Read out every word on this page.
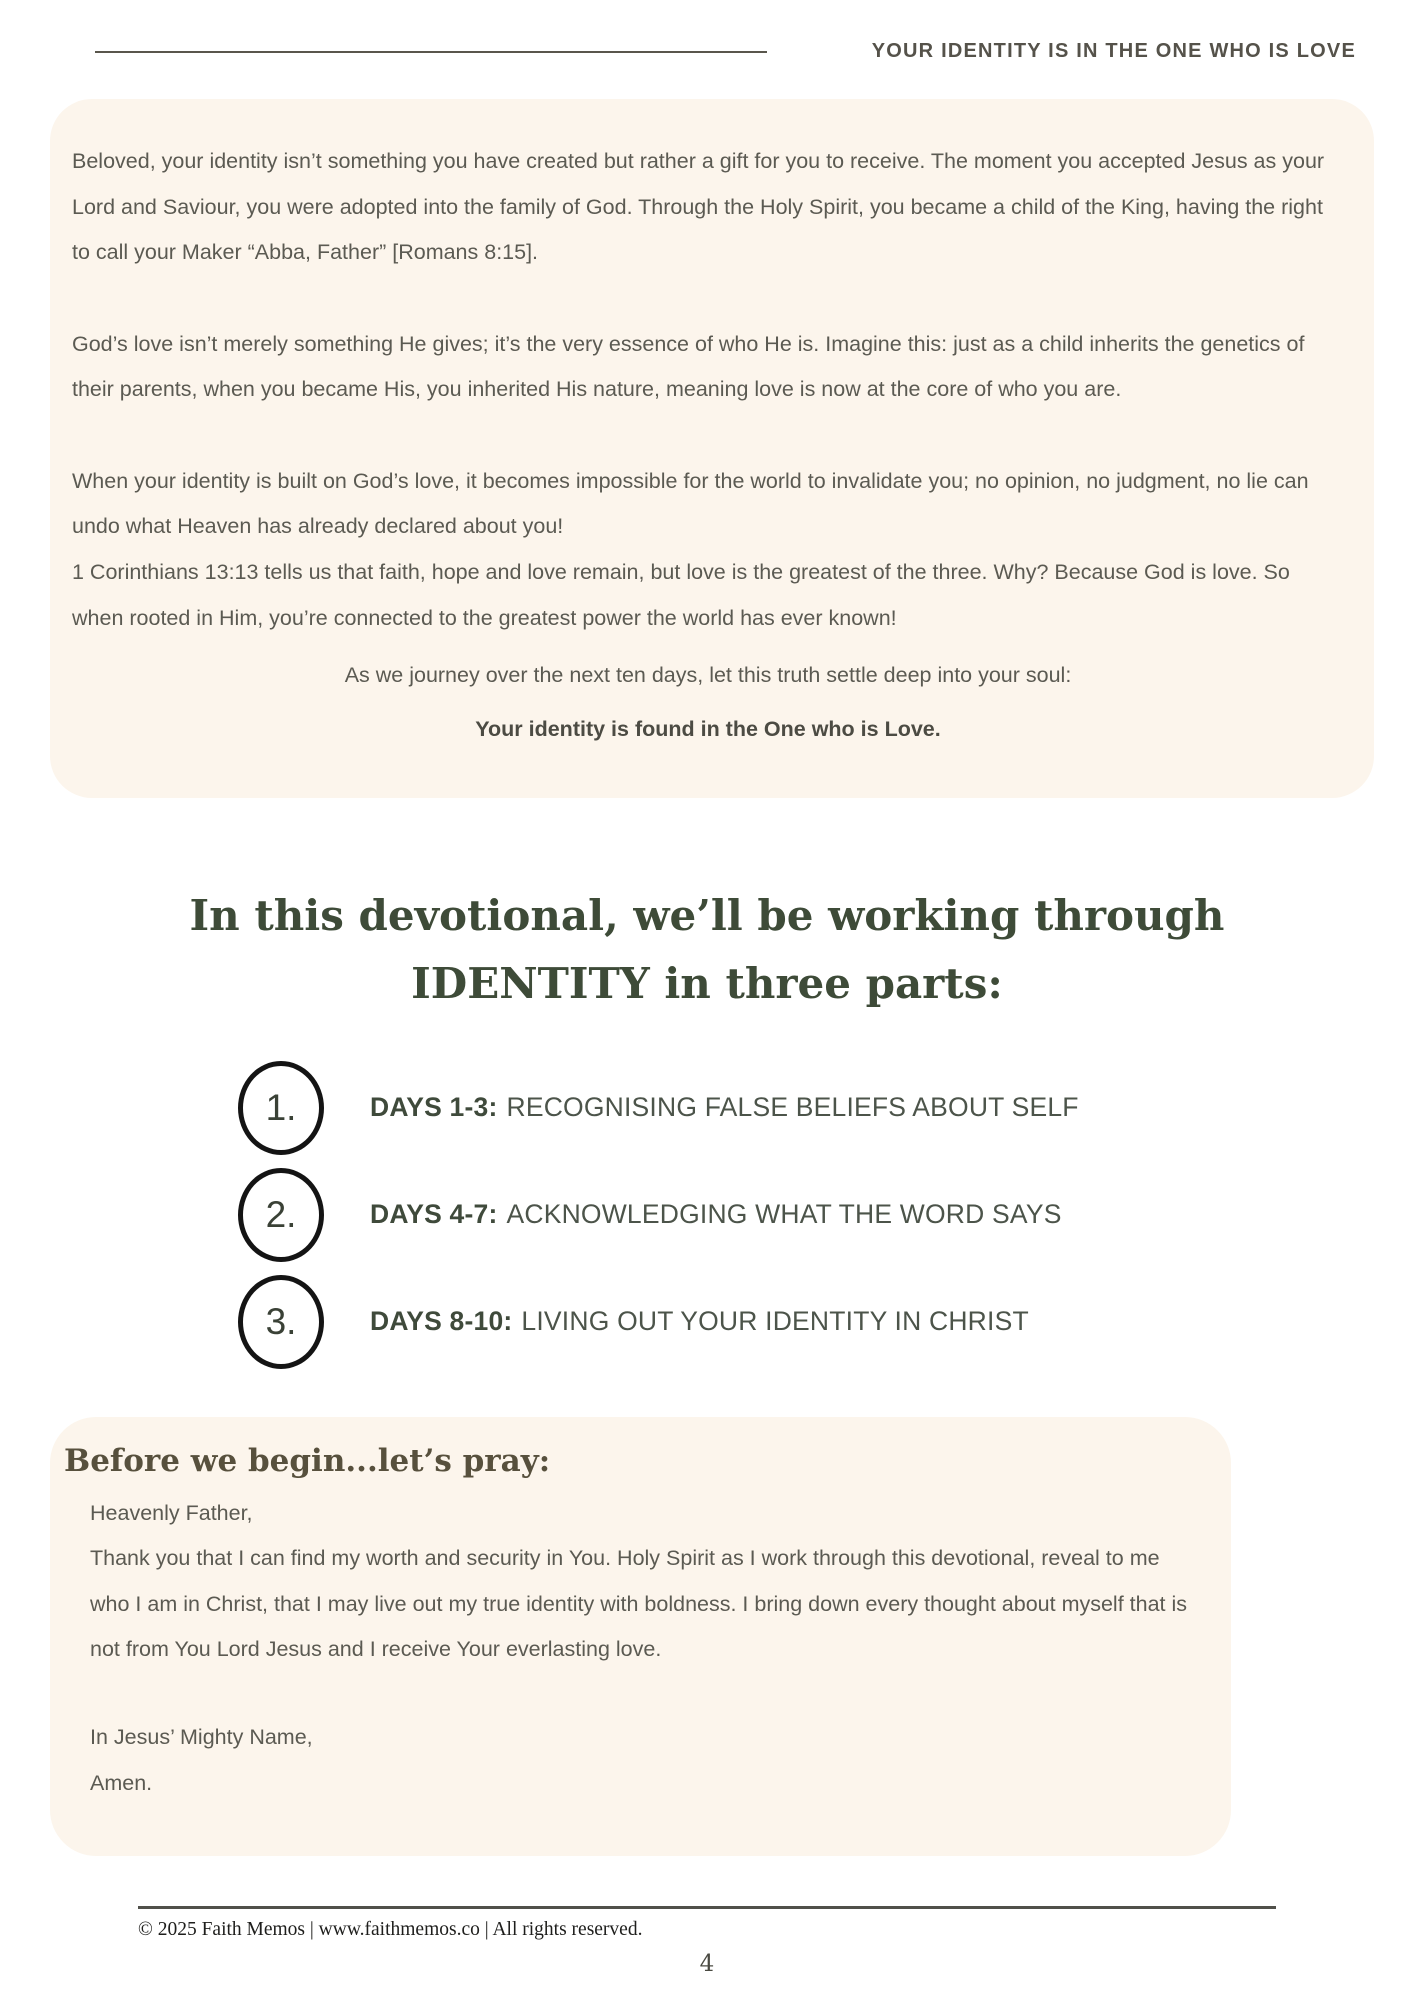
YOUR IDENTITY IS IN THE ONE WHO IS LOVE

Beloved, your identity isn’t something you have created but rather a gift for you to receive. The moment you accepted Jesus as your Lord and Saviour, you were adopted into the family of God. Through the Holy Spirit, you became a child of the King, having the right to call your Maker “Abba, Father” [Romans 8:15].

God’s love isn’t merely something He gives; it’s the very essence of who He is. Imagine this: just as a child inherits the genetics of their parents, when you became His, you inherited His nature, meaning love is now at the core of who you are.

When your identity is built on God’s love, it becomes impossible for the world to invalidate you; no opinion, no judgment, no lie can undo what Heaven has already declared about you!

1 Corinthians 13:13 tells us that faith, hope and love remain, but love is the greatest of the three. Why? Because God is love. So when rooted in Him, you’re connected to the greatest power the world has ever known!

As we journey over the next ten days, let this truth settle deep into your soul:

Your identity is found in the One who is Love.

In this devotional, we’ll be working through
IDENTITY in three parts:
1.	DAYS 1-3: RECOGNISING FALSE BELIEFS ABOUT SELF
2.	DAYS 4-7: ACKNOWLEDGING WHAT THE WORD SAYS
3.	DAYS 8-10: LIVING OUT YOUR IDENTITY IN CHRIST
Before we begin...let’s pray:

Heavenly Father,

Thank you that I can find my worth and security in You. Holy Spirit as I work through this devotional, reveal to me who I am in Christ, that I may live out my true identity with boldness. I bring down every thought about myself that is not from You Lord Jesus and I receive Your everlasting love.

In Jesus’ Mighty Name,

Amen.

© 2025 Faith Memos | www.faithmemos.co | All rights reserved.
4
